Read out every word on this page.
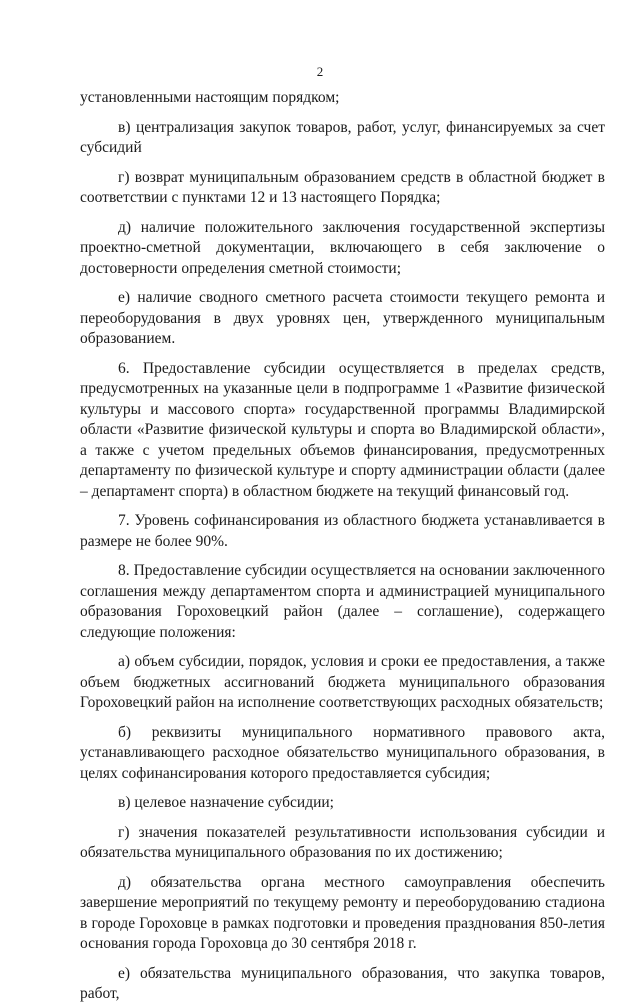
2

установленными настоящим порядком;

в) централизация закупок товаров, работ, услуг, финансируемых за счет субсидий

г) возврат муниципальным образованием средств в областной бюджет в соответствии с пунктами 12 и 13 настоящего Порядка;

д) наличие положительного заключения государственной экспертизы проектно-сметной документации, включающего в себя заключение о достоверности определения сметной стоимости;

е) наличие сводного сметного расчета стоимости текущего ремонта и переоборудования в двух уровнях цен, утвержденного муниципальным образованием.

6. Предоставление субсидии осуществляется в пределах средств, предусмотренных на указанные цели в подпрограмме 1 «Развитие физической культуры и массового спорта» государственной программы Владимирской области «Развитие физической культуры и спорта во Владимирской области», а также с учетом предельных объемов финансирования, предусмотренных департаменту по физической культуре и спорту администрации области (далее – департамент спорта) в областном бюджете на текущий финансовый год.

7. Уровень софинансирования из областного бюджета устанавливается в размере не более 90%.

8. Предоставление субсидии осуществляется на основании заключенного соглашения между департаментом спорта и администрацией муниципального образования Гороховецкий район (далее – соглашение), содержащего следующие положения:

а) объем субсидии, порядок, условия и сроки ее предоставления, а также объем бюджетных ассигнований бюджета муниципального образования Гороховецкий район на исполнение соответствующих расходных обязательств;

б) реквизиты муниципального нормативного правового акта, устанавливающего расходное обязательство муниципального образования, в целях софинансирования которого предоставляется субсидия;

в) целевое назначение субсидии;

г) значения показателей результативности использования субсидии и обязательства муниципального образования по их достижению;

д) обязательства органа местного самоуправления обеспечить завершение мероприятий по текущему ремонту и переоборудованию стадиона в городе Гороховце в рамках подготовки и проведения празднования 850-летия основания города Гороховца до 30 сентября 2018 г.

е) обязательства муниципального образования, что закупка товаров, работ,
